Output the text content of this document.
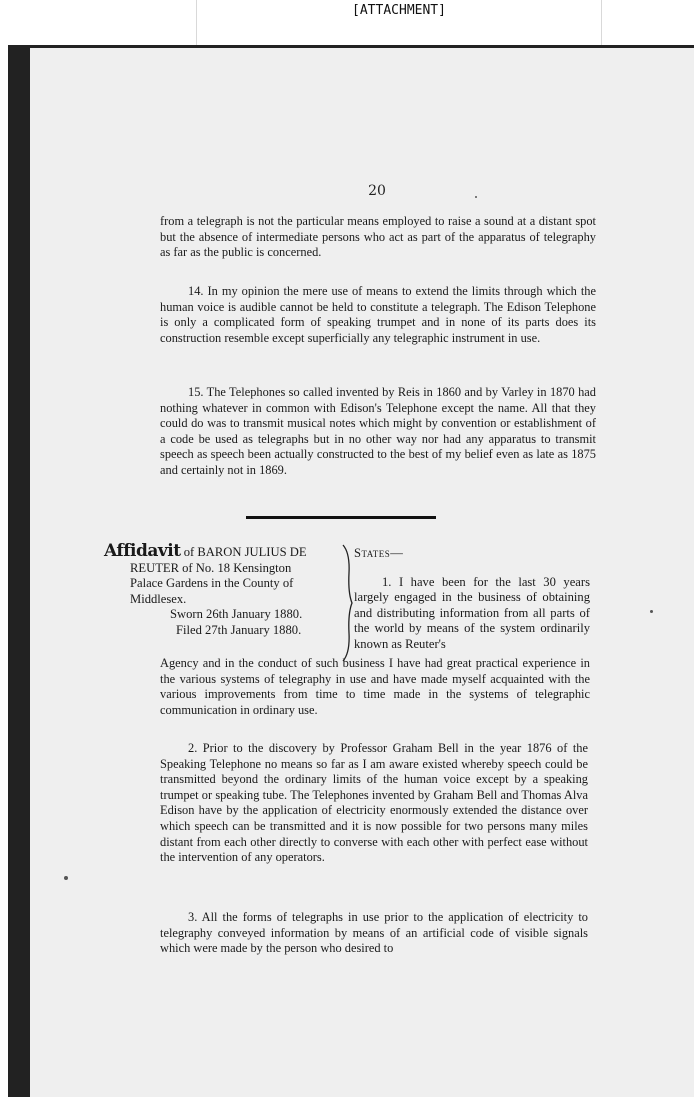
[ATTACHMENT]
20
from a telegraph is not the particular means employed to raise a sound at a distant spot but the absence of intermediate persons who act as part of the apparatus of telegraphy as far as the public is concerned.
14. In my opinion the mere use of means to extend the limits through which the human voice is audible cannot be held to constitute a telegraph. The Edison Telephone is only a complicated form of speaking trumpet and in none of its parts does its construction resemble except superficially any telegraphic instrument in use.
15. The Telephones so called invented by Reis in 1860 and by Varley in 1870 had nothing whatever in common with Edison's Telephone except the name. All that they could do was to transmit musical notes which might by convention or establishment of a code be used as telegraphs but in no other way nor had any apparatus to transmit speech as speech been actually constructed to the best of my belief even as late as 1875 and certainly not in 1869.
Affidavit of BARON JULIUS DE
REUTER of No. 18 Kensington
Palace Gardens in the County of
Middlesex.
Sworn 26th January 1880.
Filed 27th January 1880.
States—
1. I have been for the last 30 years largely engaged in the business of obtaining and distributing information from all parts of the world by means of the system ordinarily known as Reuter's
Agency and in the conduct of such business I have had great practical experience in the various systems of telegraphy in use and have made myself acquainted with the various improvements from time to time made in the systems of telegraphic communication in ordinary use.
2. Prior to the discovery by Professor Graham Bell in the year 1876 of the Speaking Telephone no means so far as I am aware existed whereby speech could be transmitted beyond the ordinary limits of the human voice except by a speaking trumpet or speaking tube. The Telephones invented by Graham Bell and Thomas Alva Edison have by the application of electricity enormously extended the distance over which speech can be transmitted and it is now possible for two persons many miles distant from each other directly to converse with each other with perfect ease without the intervention of any operators.
3. All the forms of telegraphs in use prior to the application of electricity to telegraphy conveyed information by means of an artificial code of visible signals which were made by the person who desired to
